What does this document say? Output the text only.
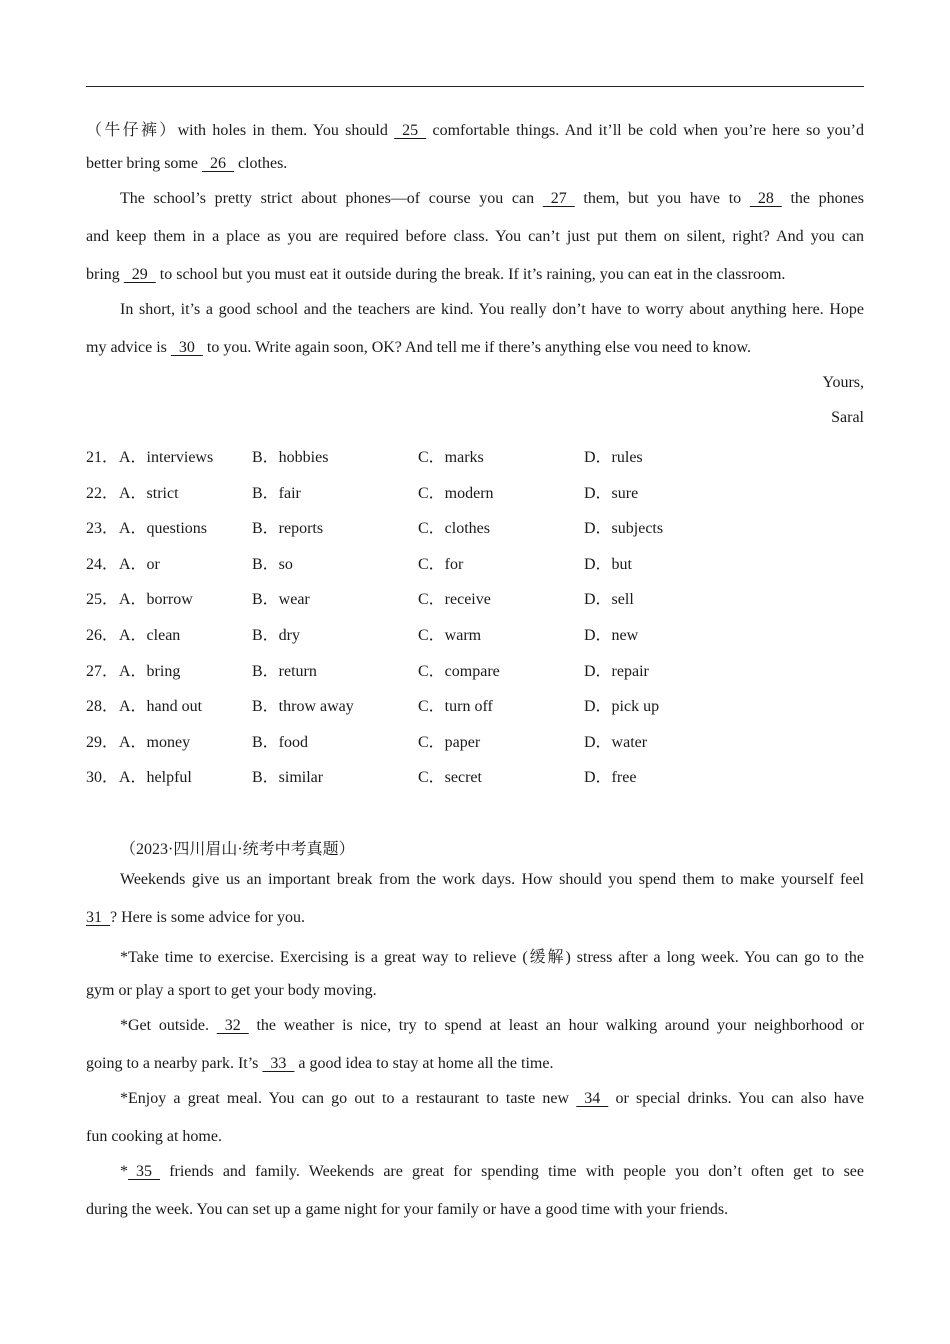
（牛仔裤）with holes in them. You should   25   comfortable things. And it’ll be cold when you’re here so you’d
better bring some   26   clothes.
The school’s pretty strict about phones—of course you can   27   them, but you have to   28   the phones
and keep them in a place as you are required before class. You can’t just put them on silent, right? And you can
bring   29   to school but you must eat it outside during the break. If it’s raining, you can eat in the classroom.
In short, it’s a good school and the teachers are kind. You really don’t have to worry about anything here. Hope
my advice is   30   to you. Write again soon, OK? And tell me if there’s anything else vou need to know.
Yours,
Saral
21． A．interviews B．hobbies	C．marks	D．rules
22． A．strict	B．fair	C．modern	D．sure
23． A．questions	B．reports	C．clothes	D．subjects
24． A．or	B．so	C．for	D．but
25． A．borrow	B．wear	C．receive	D．sell
26． A．clean	B．dry	C．warm	D．new
27． A．bring	B．return	C．compare	D．repair
28． A．hand out	B．throw away	C．turn off	D．pick up
29． A．money	B．food	C．paper	D．water
30． A．helpful	B．similar	C．secret	D．free
（2023·四川眉山·统考中考真题）
Weekends give us an important break from the work days. How should you spend them to make yourself feel
31  ? Here is some advice for you.
*Take time to exercise. Exercising is a great way to relieve (缓解) stress after a long week. You can go to the
gym or play a sport to get your body moving.
*Get outside.   32   the weather is nice, try to spend at least an hour walking around your neighborhood or
going to a nearby park. It’s   33   a good idea to stay at home all the time.
*Enjoy a great meal. You can go out to a restaurant to taste new   34   or special drinks. You can also have
fun cooking at home.
*  35   friends and family. Weekends are great for spending time with people you don’t often get to see
during the week. You can set up a game night for your family or have a good time with your friends.
